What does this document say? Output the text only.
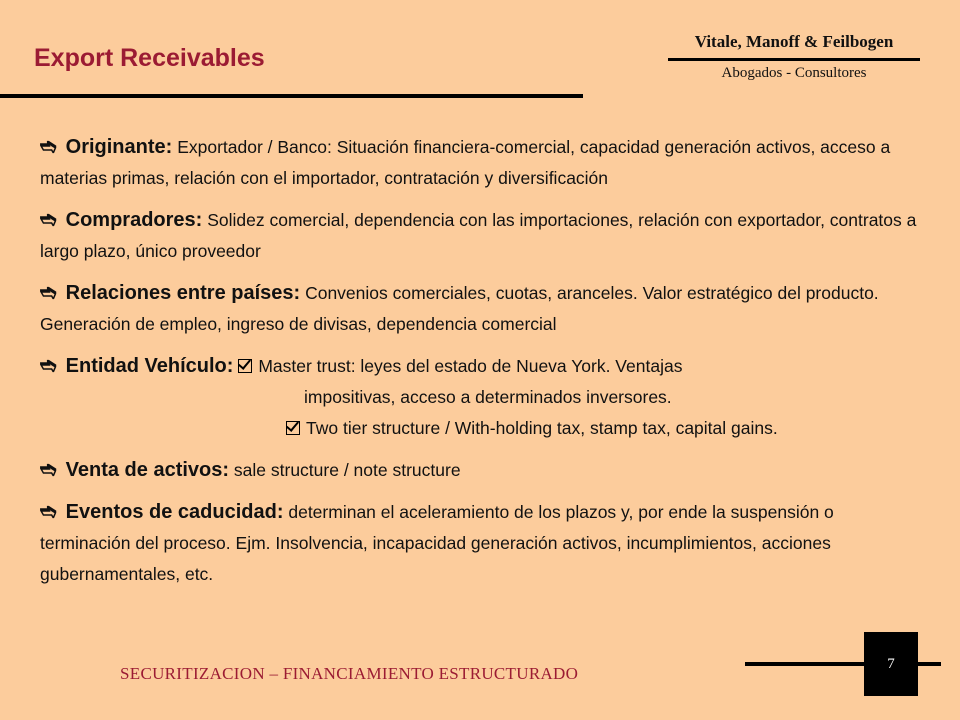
Export Receivables
Vitale, Manoff & Feilbogen
Abogados - Consultores
➬ Originante: Exportador / Banco: Situación financiera-comercial, capacidad generación activos, acceso a materias primas, relación con el importador, contratación y diversificación
➬ Compradores: Solidez comercial, dependencia con las importaciones, relación con exportador, contratos a largo plazo, único proveedor
➬ Relaciones entre países: Convenios comerciales, cuotas, aranceles. Valor estratégico del producto. Generación de empleo, ingreso de divisas, dependencia comercial
➬ Entidad Vehículo: Master trust: leyes del estado de Nueva York. Ventajas
impositivas, acceso a determinados inversores.
Two tier structure / With-holding tax, stamp tax, capital gains.
➬ Venta de activos: sale structure / note structure
➬ Eventos de caducidad: determinan el aceleramiento de los plazos y, por ende la suspensión o terminación del proceso. Ejm. Insolvencia, incapacidad generación activos, incumplimientos, acciones gubernamentales, etc.
SECURITIZACION – FINANCIAMIENTO ESTRUCTURADO
7
